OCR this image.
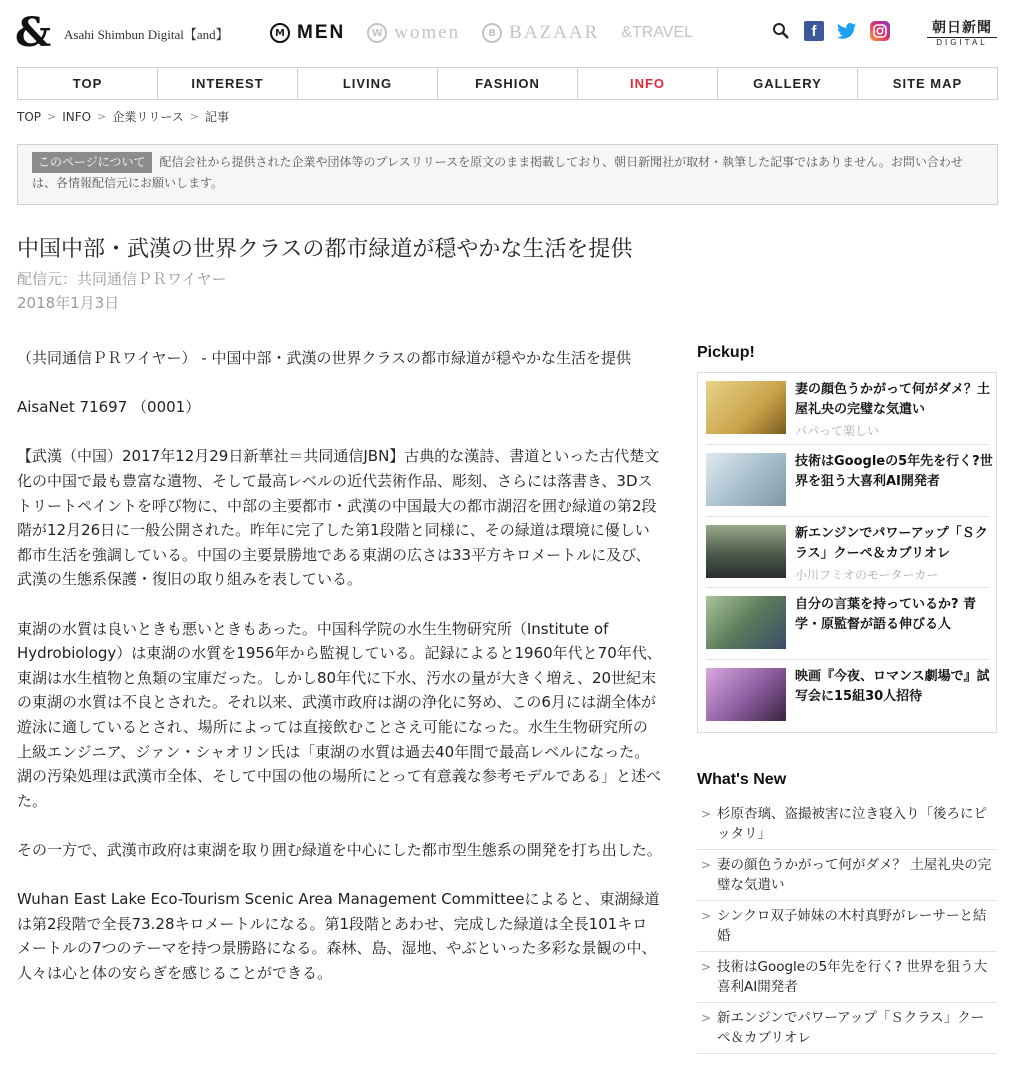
& Asahi Shimbun Digital【and】	M MEN	W women	B BAZAAR &TRAVEL	f	朝日新聞
DIGITAL
TOP	INTEREST	LIVING	FASHION	INFO	GALLERY	SITE MAP
TOP > INFO > 企業リリース > 記事
このページについて 配信会社から提供された企業や団体等のプレスリリースを原文のまま掲載しており、朝日新聞社が取材・執筆した記事ではありません。お問い合わせは、各情報配信元にお願いします。
中国中部・武漢の世界クラスの都市緑道が穏やかな生活を提供
配信元：共同通信ＰＲワイヤー
2018年1月3日

（共同通信ＰＲワイヤー） - 中国中部・武漢の世界クラスの都市緑道が穏やかな生活を提供

AisaNet 71697 （0001）

【武漢（中国）2017年12月29日新華社＝共同通信JBN】古典的な漢詩、書道といった古代楚文化の中国で最も豊富な遺物、そして最高レベルの近代芸術作品、彫刻、さらには落書き、3Dストリートペイントを呼び物に、中部の主要都市・武漢の中国最大の都市湖沼を囲む緑道の第2段階が12月26日に一般公開された。昨年に完了した第1段階と同様に、その緑道は環境に優しい都市生活を強調している。中国の主要景勝地である東湖の広さは33平方キロメートルに及び、武漢の生態系保護・復旧の取り組みを表している。

東湖の水質は良いときも悪いときもあった。中国科学院の水生生物研究所（Institute of Hydrobiology）は東湖の水質を1956年から監視している。記録によると1960年代と70年代、東湖は水生植物と魚類の宝庫だった。しかし80年代に下水、汚水の量が大きく増え、20世紀末の東湖の水質は不良とされた。それ以来、武漢市政府は湖の浄化に努め、この6月には湖全体が遊泳に適しているとされ、場所によっては直接飲むことさえ可能になった。水生生物研究所の上級エンジニア、ジァン・シャオリン氏は「東湖の水質は過去40年間で最高レベルになった。湖の汚染処理は武漢市全体、そして中国の他の場所にとって有意義な参考モデルである」と述べた。

その一方で、武漢市政府は東湖を取り囲む緑道を中心にした都市型生態系の開発を打ち出した。

Wuhan East Lake Eco-Tourism Scenic Area Management Committeeによると、東湖緑道は第2段階で全長73.28キロメートルになる。第1段階とあわせ、完成した緑道は全長101キロメートルの7つのテーマを持つ景勝路になる。森林、島、湿地、やぶといった多彩な景観の中、人々は心と体の安らぎを感じることができる。

Pickup!
妻の顔色うかがって何がダメ？土屋礼央の完璧な気遣い
パパって楽しい
技術はGoogleの5年先を行く?世界を狙う大喜利AI開発者
新エンジンでパワーアップ「Ｓクラス」クーペ＆カブリオレ
小川フミオのモーターカー
自分の言葉を持っているか? 青学・原監督が語る伸びる人
映画『今夜、ロマンス劇場で』試写会に15組30人招待
What's New
> 杉原杏璃、盗撮被害に泣き寝入り「後ろにピッタリ」
> 妻の顔色うかがって何がダメ？ 土屋礼央の完璧な気遣い
> シンクロ双子姉妹の木村真野がレーサーと結婚
> 技術はGoogleの5年先を行く? 世界を狙う大喜利AI開発者
> 新エンジンでパワーアップ「Ｓクラス」クーペ＆カブリオレ
